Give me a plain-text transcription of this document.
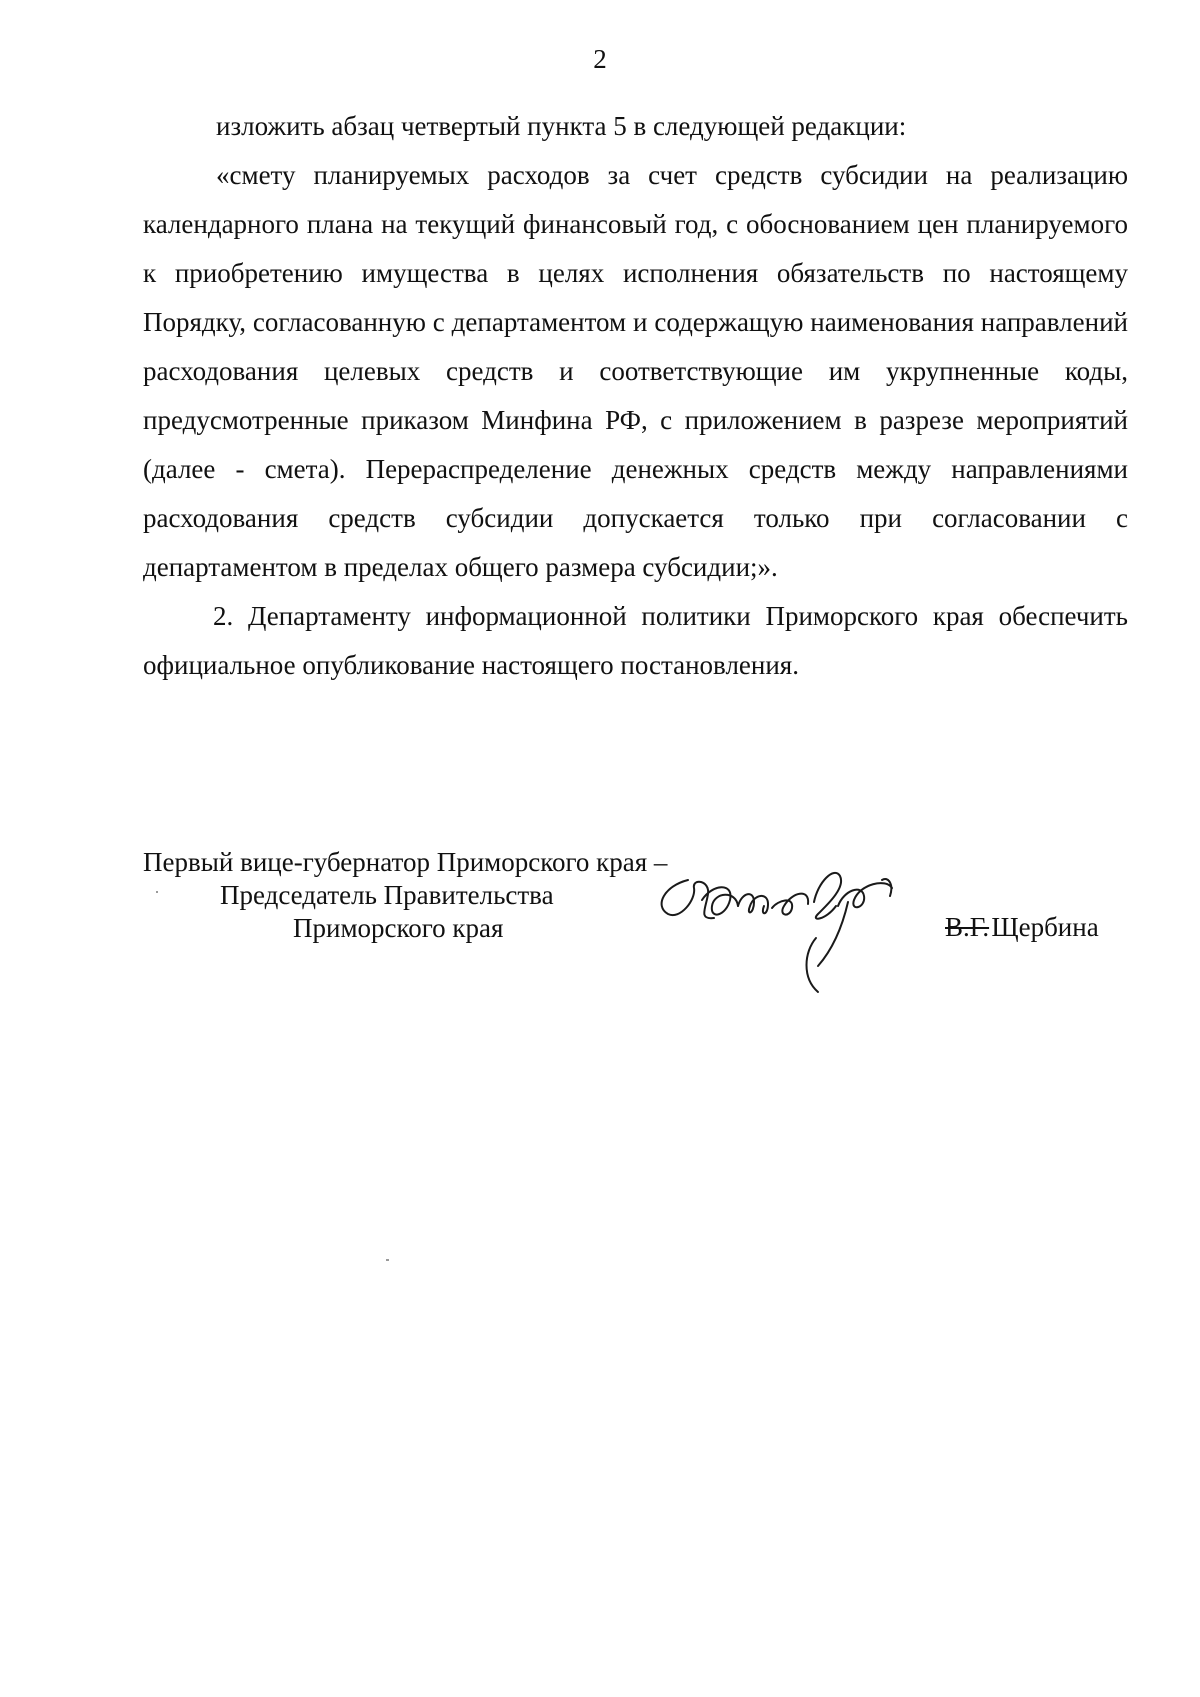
2

изложить абзац четвертый пункта 5 в следующей редакции:

«смету планируемых расходов за счет средств субсидии на реализацию календарного плана на текущий финансовый год, с обоснованием цен планируемого к приобретению имущества в целях исполнения обязательств по настоящему Порядку, согласованную с департаментом и содержащую наименования направлений расходования целевых средств и соответствующие им укрупненные коды, предусмотренные приказом Минфина РФ, с приложением в разрезе мероприятий (далее - смета). Перераспределение денежных средств между направлениями расходования средств субсидии допускается только при согласовании с департаментом в пределах общего размера субсидии;».

2. Департаменту информационной политики Приморского края обеспечить официальное опубликование настоящего постановления.

Первый вице-губернатор Приморского края –
Председатель Правительства
Приморского края	В.Г. Щербина
